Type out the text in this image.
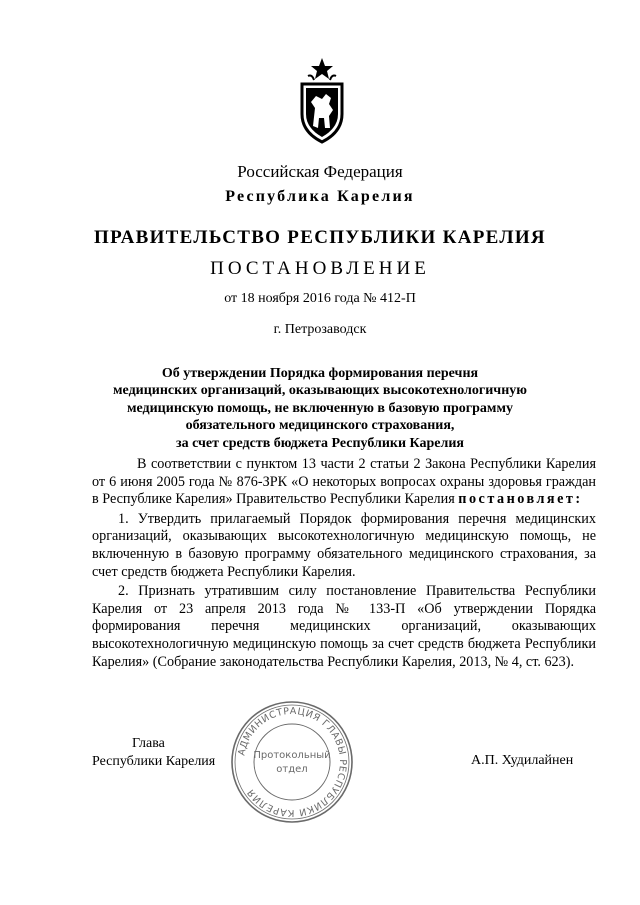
Российская Федерация
Республика Карелия
ПРАВИТЕЛЬСТВО РЕСПУБЛИКИ КАРЕЛИЯ
ПОСТАНОВЛЕНИЕ
от 18 ноября 2016 года № 412-П
г. Петрозаводск
Об утверждении Порядка формирования перечня
медицинских организаций, оказывающих высокотехнологичную
медицинскую помощь, не включенную в базовую программу
обязательного медицинского страхования,
за счет средств бюджета Республики Карелия

В соответствии с пунктом 13 части 2 статьи 2 Закона Республики Карелия от 6 июня 2005 года № 876-ЗРК «О некоторых вопросах охраны здоровья граждан в Республике Карелия» Правительство Республики Карелия постановляет:

1. Утвердить прилагаемый Порядок формирования перечня медицинских организаций, оказывающих высокотехнологичную медицинскую помощь, не включенную в базовую программу обязательного медицинского страхования, за счет средств бюджета Республики Карелия.

2. Признать утратившим силу постановление Правительства Республики Карелия от 23 апреля 2013 года № 133-П «Об утверждении Порядка формирования перечня медицинских организаций, оказывающих высокотехнологичную медицинскую помощь за счет средств бюджета Республики Карелия» (Собрание законодательства Республики Карелия, 2013, № 4, ст. 623).

Глава
Республики Карелия	А.П. Худилайнен
АДМИНИСТРАЦИЯ ГЛАВЫ РЕСПУБЛИКИ КАРЕЛИЯ
Протокольный
отдел
